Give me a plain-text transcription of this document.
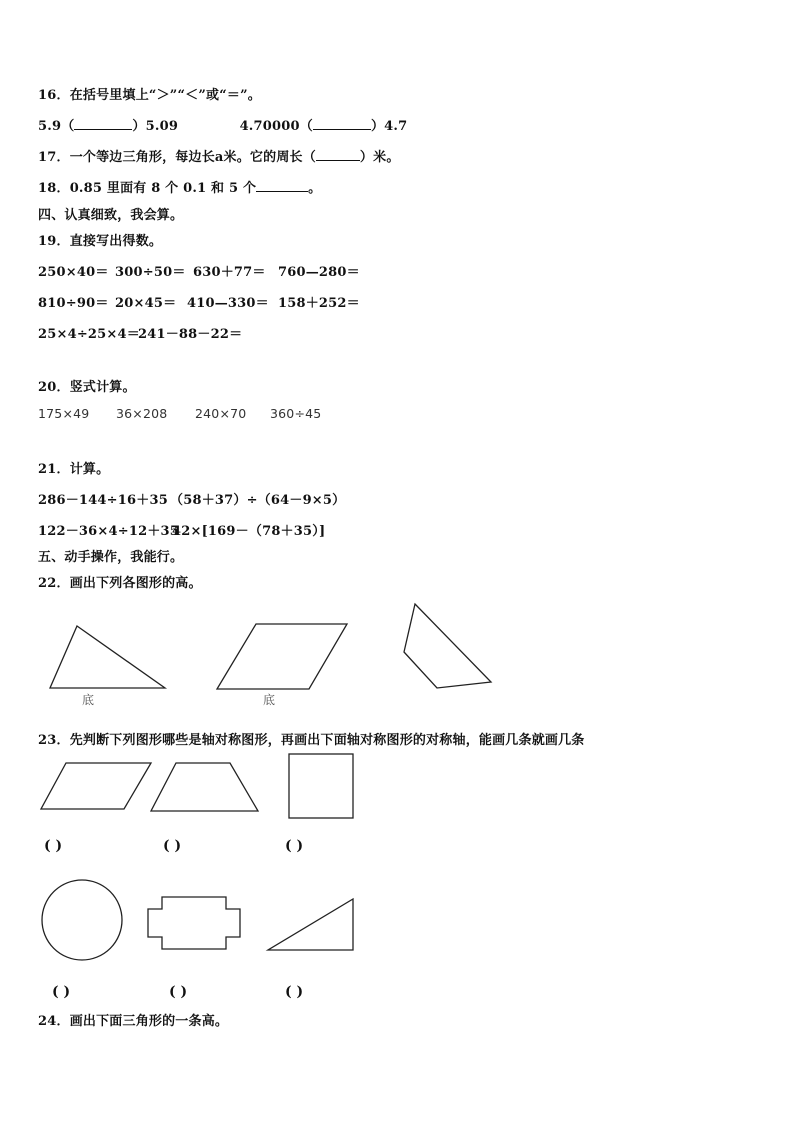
16．在括号里填上“＞”“＜”或“＝”。
5.9（	）5.09	4.70000（	）4.7
17．一个等边三角形，每边长a米。它的周长（	）米。
18．0.85 里面有 8 个 0.1 和 5 个	。
四、认真细致，我会算。
19．直接写出得数。
250×40＝ 300÷50＝ 630＋77＝ 760—280＝
810÷90＝ 20×45＝ 410—330＝ 158＋252＝
25×4÷25×4＝
241－88－22＝
20．竖式计算。
175×49 36×208 240×70 360÷45
21．计算。
286－144÷16＋35 （58＋37）÷（64－9×5）
122－36×4÷12＋35
42×[169－（78＋35）]
五、动手操作，我能行。
22．画出下列各图形的高。
23．先判断下列图形哪些是轴对称图形，再画出下面轴对称图形的对称轴，能画几条就画几条
( )	( )	( )
( )	( )	( )
24．画出下面三角形的一条高。
底	底
